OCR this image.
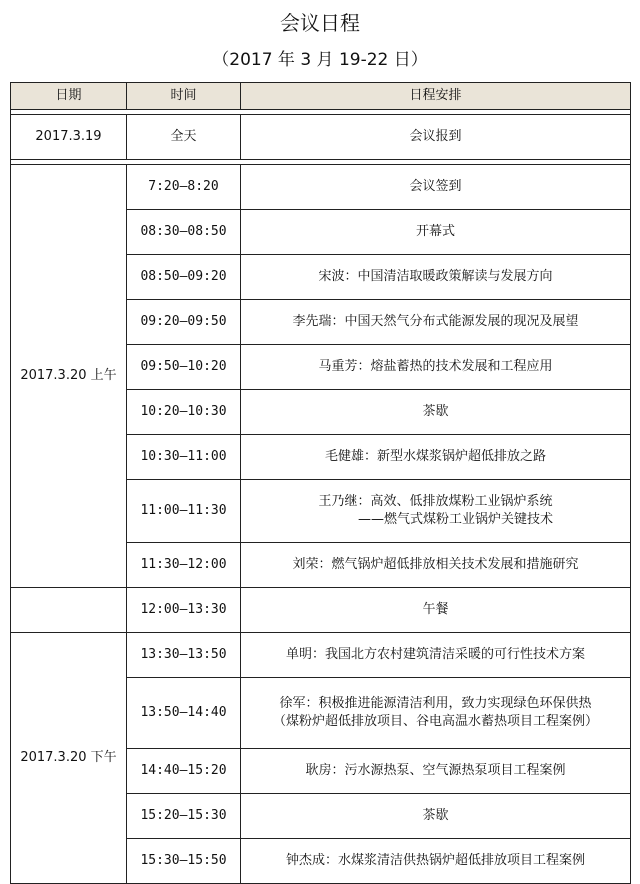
会议日程
（2017 年 3 月 19-22 日）
日期	时间	日程安排

2017.3.19	全天	会议报到

2017.3.20 上午	7:20—8:20	会议签到

	08:30—08:50	开幕式

	08:50—09:20	宋波：中国清洁取暖政策解读与发展方向

	09:20—09:50	李先瑞：中国天然气分布式能源发展的现况及展望

	09:50—10:20	马重芳：熔盐蓄热的技术发展和工程应用

	10:20—10:30	茶歇

	10:30—11:00	毛健雄：新型水煤浆锅炉超低排放之路

	11:00—11:30	王乃继：高效、低排放煤粉工业锅炉系统
——燃气式煤粉工业锅炉关键技术

	11:30—12:00	刘荣：燃气锅炉超低排放相关技术发展和措施研究

	12:00—13:30	午餐
2017.3.20 下午	13:30—13:50	单明：我国北方农村建筑清洁采暖的可行性技术方案

	13:50—14:40	徐军：积极推进能源清洁利用，致力实现绿色环保供热
（煤粉炉超低排放项目、谷电高温水蓄热项目工程案例）

	14:40—15:20	耿房：污水源热泵、空气源热泵项目工程案例

	15:20—15:30	茶歇

	15:30—15:50	钟杰成：水煤浆清洁供热锅炉超低排放项目工程案例
